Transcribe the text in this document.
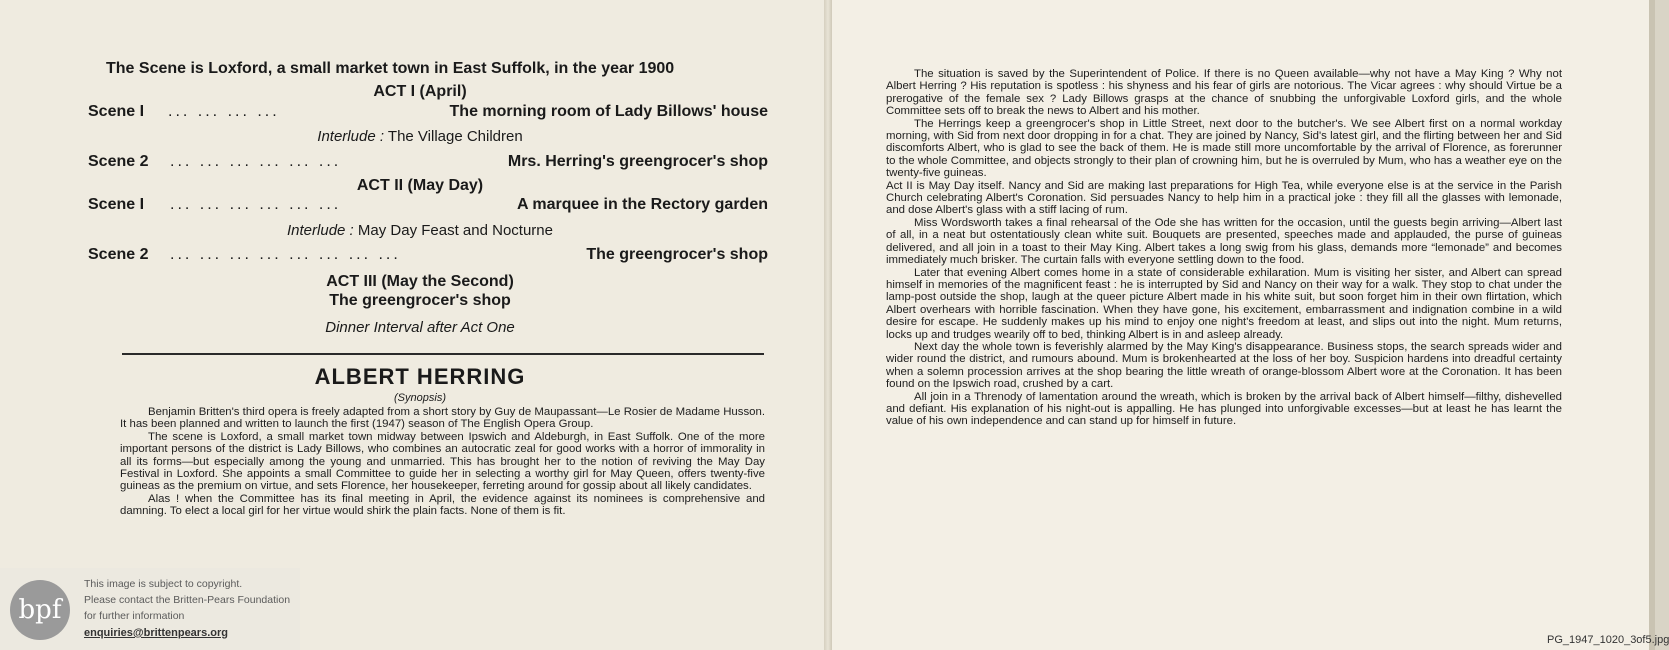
The Scene is Loxford, a small market town in East Suffolk, in the year 1900
ACT I (April)
Scene I ... ... ... ...	The morning room of Lady Billows' house
Interlude : The Village Children
Scene 2 ... ... ... ... ... ...	Mrs. Herring's greengrocer's shop
ACT II (May Day)
Scene I ... ... ... ... ... ...	A marquee in the Rectory garden
Interlude : May Day Feast and Nocturne
Scene 2 ... ... ... ... ... ... ... ...	The greengrocer's shop
ACT III (May the Second)
The greengrocer's shop
Dinner Interval after Act One
ALBERT HERRING
(Synopsis)

Benjamin Britten's third opera is freely adapted from a short story by Guy de Maupassant—Le Rosier de Madame Husson. It has been planned and written to launch the first (1947) season of The English Opera Group.

The scene is Loxford, a small market town midway between Ipswich and Aldeburgh, in East Suffolk. One of the more important persons of the district is Lady Billows, who combines an autocratic zeal for good works with a horror of immorality in all its forms—but especially among the young and unmarried. This has brought her to the notion of reviving the May Day Festival in Loxford. She appoints a small Committee to guide her in selecting a worthy girl for May Queen, offers twenty-five guineas as the premium on virtue, and sets Florence, her housekeeper, ferreting around for gossip about all likely candidates.

Alas ! when the Committee has its final meeting in April, the evidence against its nominees is comprehensive and damning. To elect a local girl for her virtue would shirk the plain facts. None of them is fit.

The situation is saved by the Superintendent of Police. If there is no Queen available—why not have a May King ? Why not Albert Herring ? His reputation is spotless : his shyness and his fear of girls are notorious. The Vicar agrees : why should Virtue be a prerogative of the female sex ? Lady Billows grasps at the chance of snubbing the unforgivable Loxford girls, and the whole Committee sets off to break the news to Albert and his mother.

The Herrings keep a greengrocer's shop in Little Street, next door to the butcher's. We see Albert first on a normal workday morning, with Sid from next door dropping in for a chat. They are joined by Nancy, Sid's latest girl, and the flirting between her and Sid discomforts Albert, who is glad to see the back of them. He is made still more uncomfortable by the arrival of Florence, as forerunner to the whole Committee, and objects strongly to their plan of crowning him, but he is overruled by Mum, who has a weather eye on the twenty-five guineas.

Act II is May Day itself. Nancy and Sid are making last preparations for High Tea, while everyone else is at the service in the Parish Church celebrating Albert's Coronation. Sid persuades Nancy to help him in a practical joke : they fill all the glasses with lemonade, and dose Albert's glass with a stiff lacing of rum.

Miss Wordsworth takes a final rehearsal of the Ode she has written for the occasion, until the guests begin arriving—Albert last of all, in a neat but ostentatiously clean white suit. Bouquets are presented, speeches made and applauded, the purse of guineas delivered, and all join in a toast to their May King. Albert takes a long swig from his glass, demands more “lemonade” and becomes immediately much brisker. The curtain falls with everyone settling down to the food.

Later that evening Albert comes home in a state of considerable exhilaration. Mum is visiting her sister, and Albert can spread himself in memories of the magnificent feast : he is interrupted by Sid and Nancy on their way for a walk. They stop to chat under the lamp-post outside the shop, laugh at the queer picture Albert made in his white suit, but soon forget him in their own flirtation, which Albert overhears with horrible fascination. When they have gone, his excitement, embarrassment and indignation combine in a wild desire for escape. He suddenly makes up his mind to enjoy one night's freedom at least, and slips out into the night. Mum returns, locks up and trudges wearily off to bed, thinking Albert is in and asleep already.

Next day the whole town is feverishly alarmed by the May King's disappearance. Business stops, the search spreads wider and wider round the district, and rumours abound. Mum is brokenhearted at the loss of her boy. Suspicion hardens into dreadful certainty when a solemn procession arrives at the shop bearing the little wreath of orange-blossom Albert wore at the Coronation. It has been found on the Ipswich road, crushed by a cart.

All join in a Threnody of lamentation around the wreath, which is broken by the arrival back of Albert himself—filthy, dishevelled and defiant. His explanation of his night-out is appalling. He has plunged into unforgivable excesses—but at least he has learnt the value of his own independence and can stand up for himself in future.

bpf
This image is subject to copyright.
Please contact the Britten-Pears Foundation
for further information
enquiries@brittenpears.org
PG_1947_1020_3of5.jpg
